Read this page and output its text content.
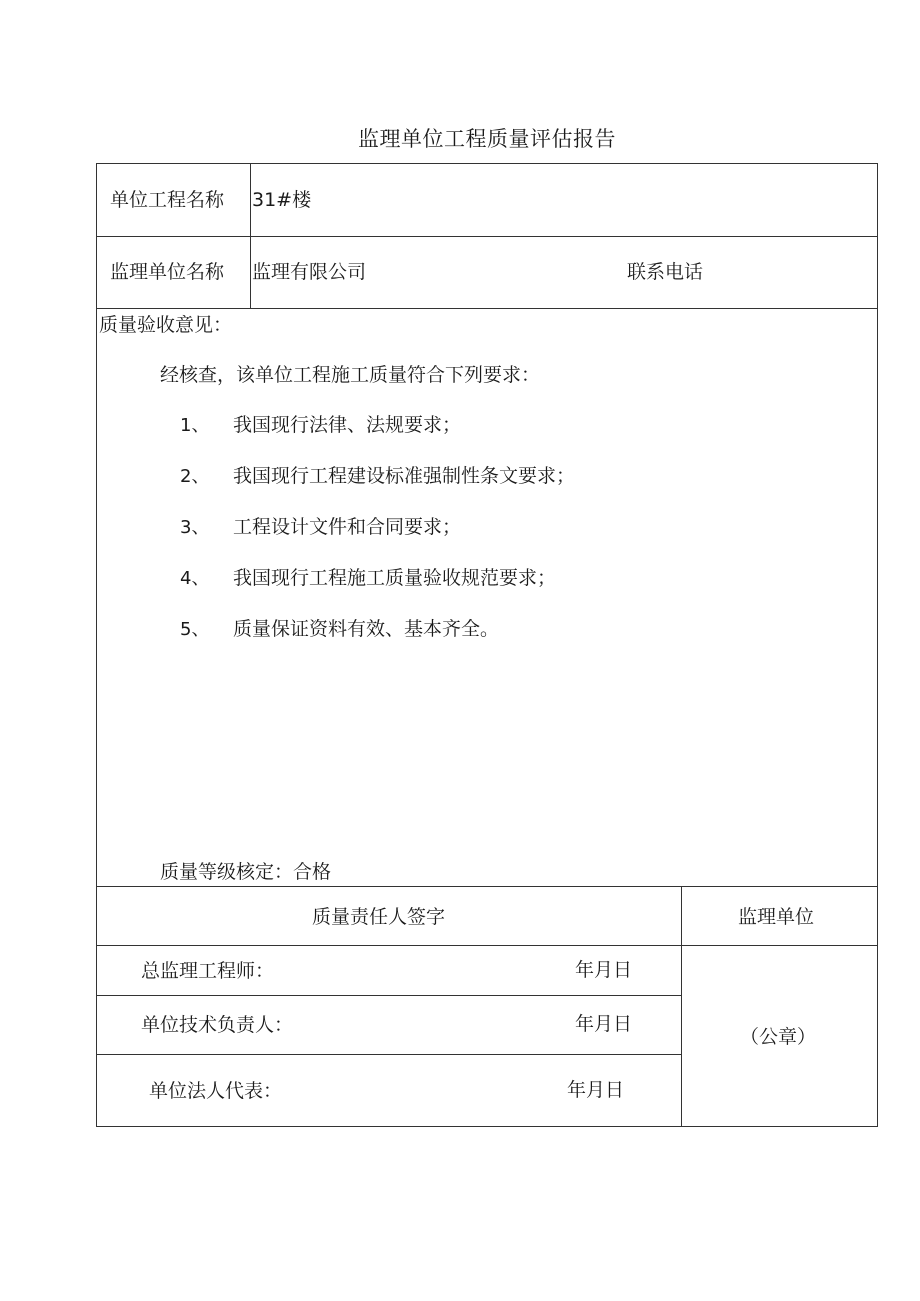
监理单位工程质量评估报告
单位工程名称 31#楼
监理单位名称 监理有限公司	联系电话
质量验收意见：
经核查，该单位工程施工质量符合下列要求：
1、 我国现行法律、法规要求；
2、 我国现行工程建设标准强制性条文要求；
3、 工程设计文件和合同要求；
4、 我国现行工程施工质量验收规范要求；
5、 质量保证资料有效、基本齐全。
质量等级核定：合格
质量责任人签字	监理单位
总监理工程师：	年月日
单位技术负责人：	年月日
单位法人代表：	年月日
（公章）
